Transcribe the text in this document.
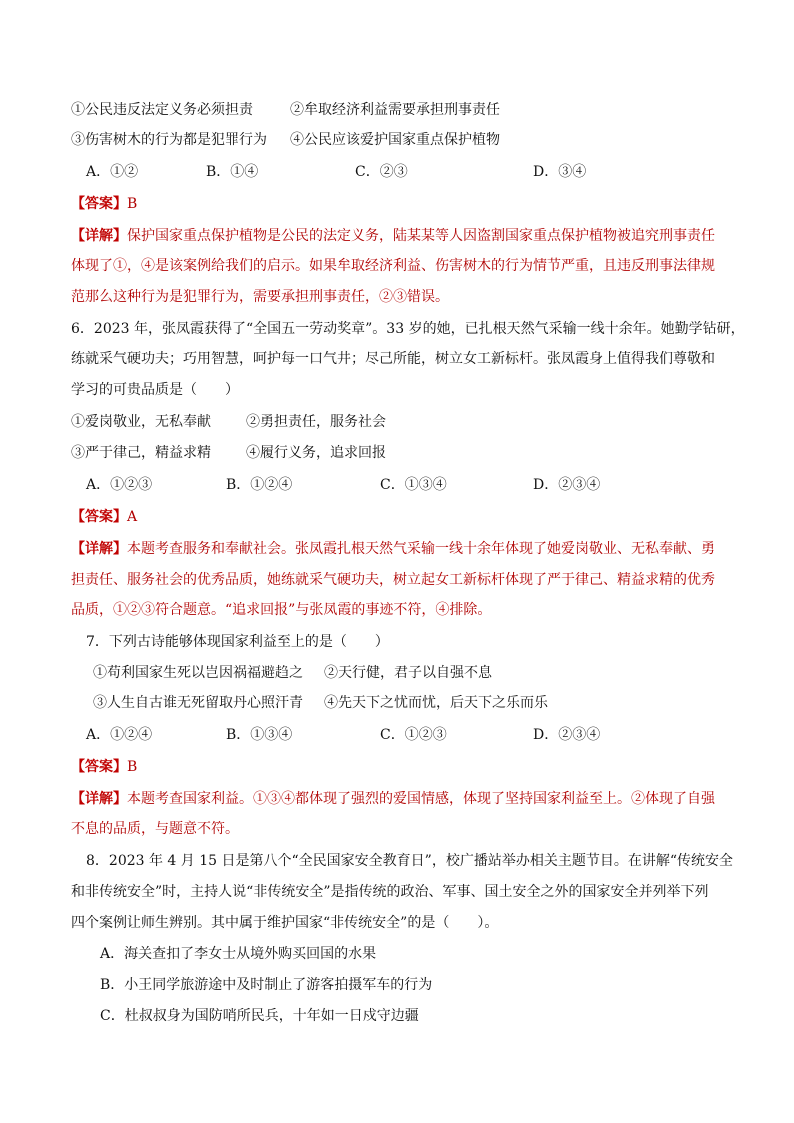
①公民违反法定义务必须担责	②牟取经济利益需要承担刑事责任
③伤害树木的行为都是犯罪行为 ④公民应该爱护国家重点保护植物
A．①②	B．①④	C．②③	D．③④
【答案】B
【详解】保护国家重点保护植物是公民的法定义务，陆某某等人因盗割国家重点保护植物被追究刑事责任
体现了①，④是该案例给我们的启示。如果牟取经济利益、伤害树木的行为情节严重，且违反刑事法律规
范那么这种行为是犯罪行为，需要承担刑事责任，②③错误。
6．2023 年，张凤霞获得了“全国五一劳动奖章”。33 岁的她，已扎根天然气采输一线十余年。她勤学钻研，
练就采气硬功夫；巧用智慧，呵护每一口气井；尽己所能，树立女工新标杆。张凤霞身上值得我们尊敬和
学习的可贵品质是（　　）
①爱岗敬业，无私奉献	②勇担责任，服务社会
③严于律己，精益求精	④履行义务，追求回报
A．①②③	B．①②④	C．①③④	D．②③④
【答案】A
【详解】本题考查服务和奉献社会。张凤霞扎根天然气采输一线十余年体现了她爱岗敬业、无私奉献、勇
担责任、服务社会的优秀品质，她练就采气硬功夫，树立起女工新标杆体现了严于律己、精益求精的优秀
品质，①②③符合题意。“追求回报”与张凤霞的事迹不符，④排除。
7．下列古诗能够体现国家利益至上的是（　　）
①苟利国家生死以岂因祸福避趋之 ②天行健，君子以自强不息
③人生自古谁无死留取丹心照汗青 ④先天下之忧而忧，后天下之乐而乐
A．①②④	B．①③④	C．①②③	D．②③④
【答案】B
【详解】本题考查国家利益。①③④都体现了强烈的爱国情感，体现了坚持国家利益至上。②体现了自强
不息的品质，与题意不符。
8．2023 年 4 月 15 日是第八个“全民国家安全教育日”，校广播站举办相关主题节目。在讲解“传统安全
和非传统安全”时，主持人说“非传统安全”是指传统的政治、军事、国土安全之外的国家安全并列举下列
四个案例让师生辨别。其中属于维护国家“非传统安全”的是（　　）。
A．海关查扣了李女士从境外购买回国的水果
B．小王同学旅游途中及时制止了游客拍摄军车的行为
C．杜叔叔身为国防哨所民兵，十年如一日戍守边疆
